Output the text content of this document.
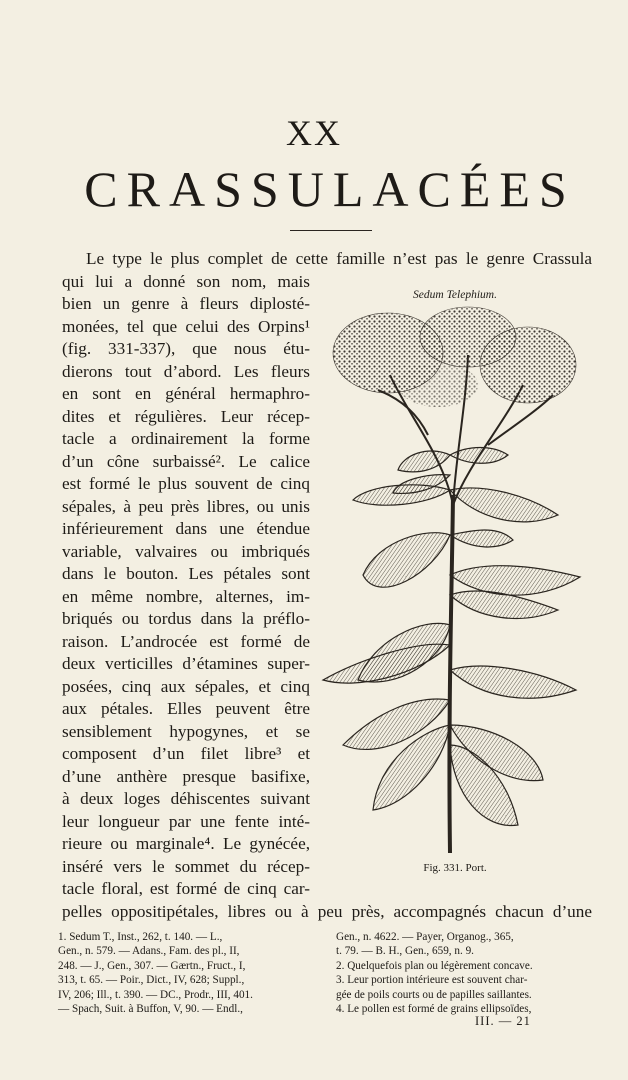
XX
CRASSULACÉES
Le type le plus complet de cette famille n’est pas le genre Crassula
qui lui a donné son nom, mais
bien un genre à fleurs diplosté-
monées, tel que celui des Orpins¹
(fig. 331-337), que nous étu-
dierons tout d’abord. Les fleurs
en sont en général hermaphro-
dites et régulières. Leur récep-
tacle a ordinairement la forme
d’un cône surbaissé². Le calice
est formé le plus souvent de cinq
sépales, à peu près libres, ou unis
inférieurement dans une étendue
variable, valvaires ou imbriqués
dans le bouton. Les pétales sont
en même nombre, alternes, im-
briqués ou tordus dans la préflo-
raison. L’androcée est formé de
deux verticilles d’étamines super-
posées, cinq aux sépales, et cinq
aux pétales. Elles peuvent être
sensiblement hypogynes, et se
composent d’un filet libre³ et
d’une anthère presque basifixe,
à deux loges déhiscentes suivant
leur longueur par une fente inté-
rieure ou marginale⁴. Le gynécée,
inséré vers le sommet du récep-
tacle floral, est formé de cinq car-
pelles oppositipétales, libres ou à peu près, accompagnés chacun d’une
Sedum Telephium.
Fig. 331. Port.
1. Sedum T., Inst., 262, t. 140. — L.,
Gen., n. 579. — Adans., Fam. des pl., II,
248. — J., Gen., 307. — Gærtn., Fruct., I,
313, t. 65. — Poir., Dict., IV, 628; Suppl.,
IV, 206; Ill., t. 390. — DC., Prodr., III, 401.
— Spach, Suit. à Buffon, V, 90. — Endl.,
Gen., n. 4622. — Payer, Organog., 365,
t. 79. — B. H., Gen., 659, n. 9.
2. Quelquefois plan ou légèrement concave.
3. Leur portion intérieure est souvent char-
gée de poils courts ou de papilles saillantes.
4. Le pollen est formé de grains ellipsoïdes,
III. — 21
